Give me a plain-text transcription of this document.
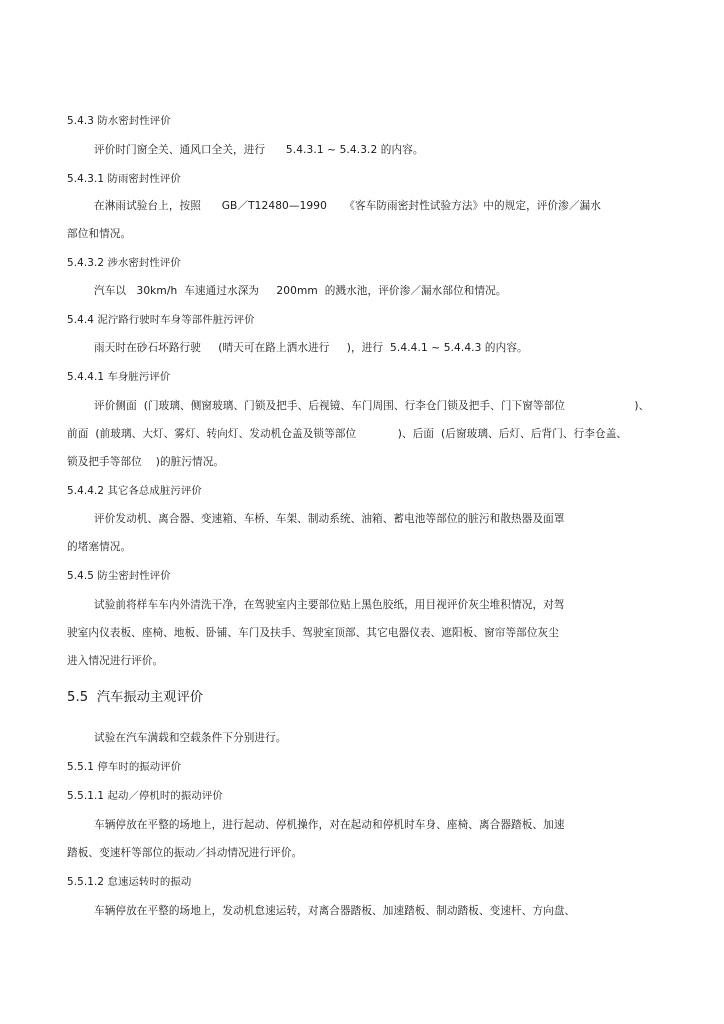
5.4.3 防水密封性评价
评价时门窗全关、通风口全关，进行      5.4.3.1 ~ 5.4.3.2 的内容。
5.4.3.1 防雨密封性评价
在淋雨试验台上，按照      GB／T12480—1990     《客车防雨密封性试验方法》中的规定，评价渗／漏水
部位和情况。
5.4.3.2 涉水密封性评价
汽车以   30km/h  车速通过水深为     200mm  的溅水池，评价渗／漏水部位和情况。
5.4.4 泥泞路行驶时车身等部件脏污评价
雨天时在砂石坏路行驶     (晴天可在路上洒水进行     )，进行  5.4.4.1 ~ 5.4.4.3 的内容。
5.4.4.1 车身脏污评价
评价侧面  (门玻璃、侧窗玻璃、门锁及把手、后视镜、车门周围、行李仓门锁及把手、门下窗等部位                    )、
前面  (前玻璃、大灯、雾灯、转向灯、发动机仓盖及锁等部位            )、后面  (后窗玻璃、后灯、后背门、行李仓盖、
锁及把手等部位    )的脏污情况。
5.4.4.2 其它各总成脏污评价
评价发动机、离合器、变速箱、车桥、车架、制动系统、油箱、蓄电池等部位的脏污和散热器及面罩
的堵塞情况。
5.4.5 防尘密封性评价
试验前将样车车内外清洗干净，在驾驶室内主要部位贴上黑色胶纸，用目视评价灰尘堆积情况，对驾
驶室内仪表板、座椅、地板、卧铺、车门及扶手、驾驶室顶部、其它电器仪表、遮阳板、窗帘等部位灰尘
进入情况进行评价。
5.5  汽车振动主观评价
试验在汽车满载和空载条件下分别进行。
5.5.1 停车时的振动评价
5.5.1.1 起动／停机时的振动评价
车辆停放在平整的场地上，进行起动、停机操作，对在起动和停机时车身、座椅、离合器踏板、加速
踏板、变速杆等部位的振动／抖动情况进行评价。
5.5.1.2 怠速运转时的振动
车辆停放在平整的场地上，发动机怠速运转，对离合器踏板、加速踏板、制动踏板、变速杆、方向盘、
